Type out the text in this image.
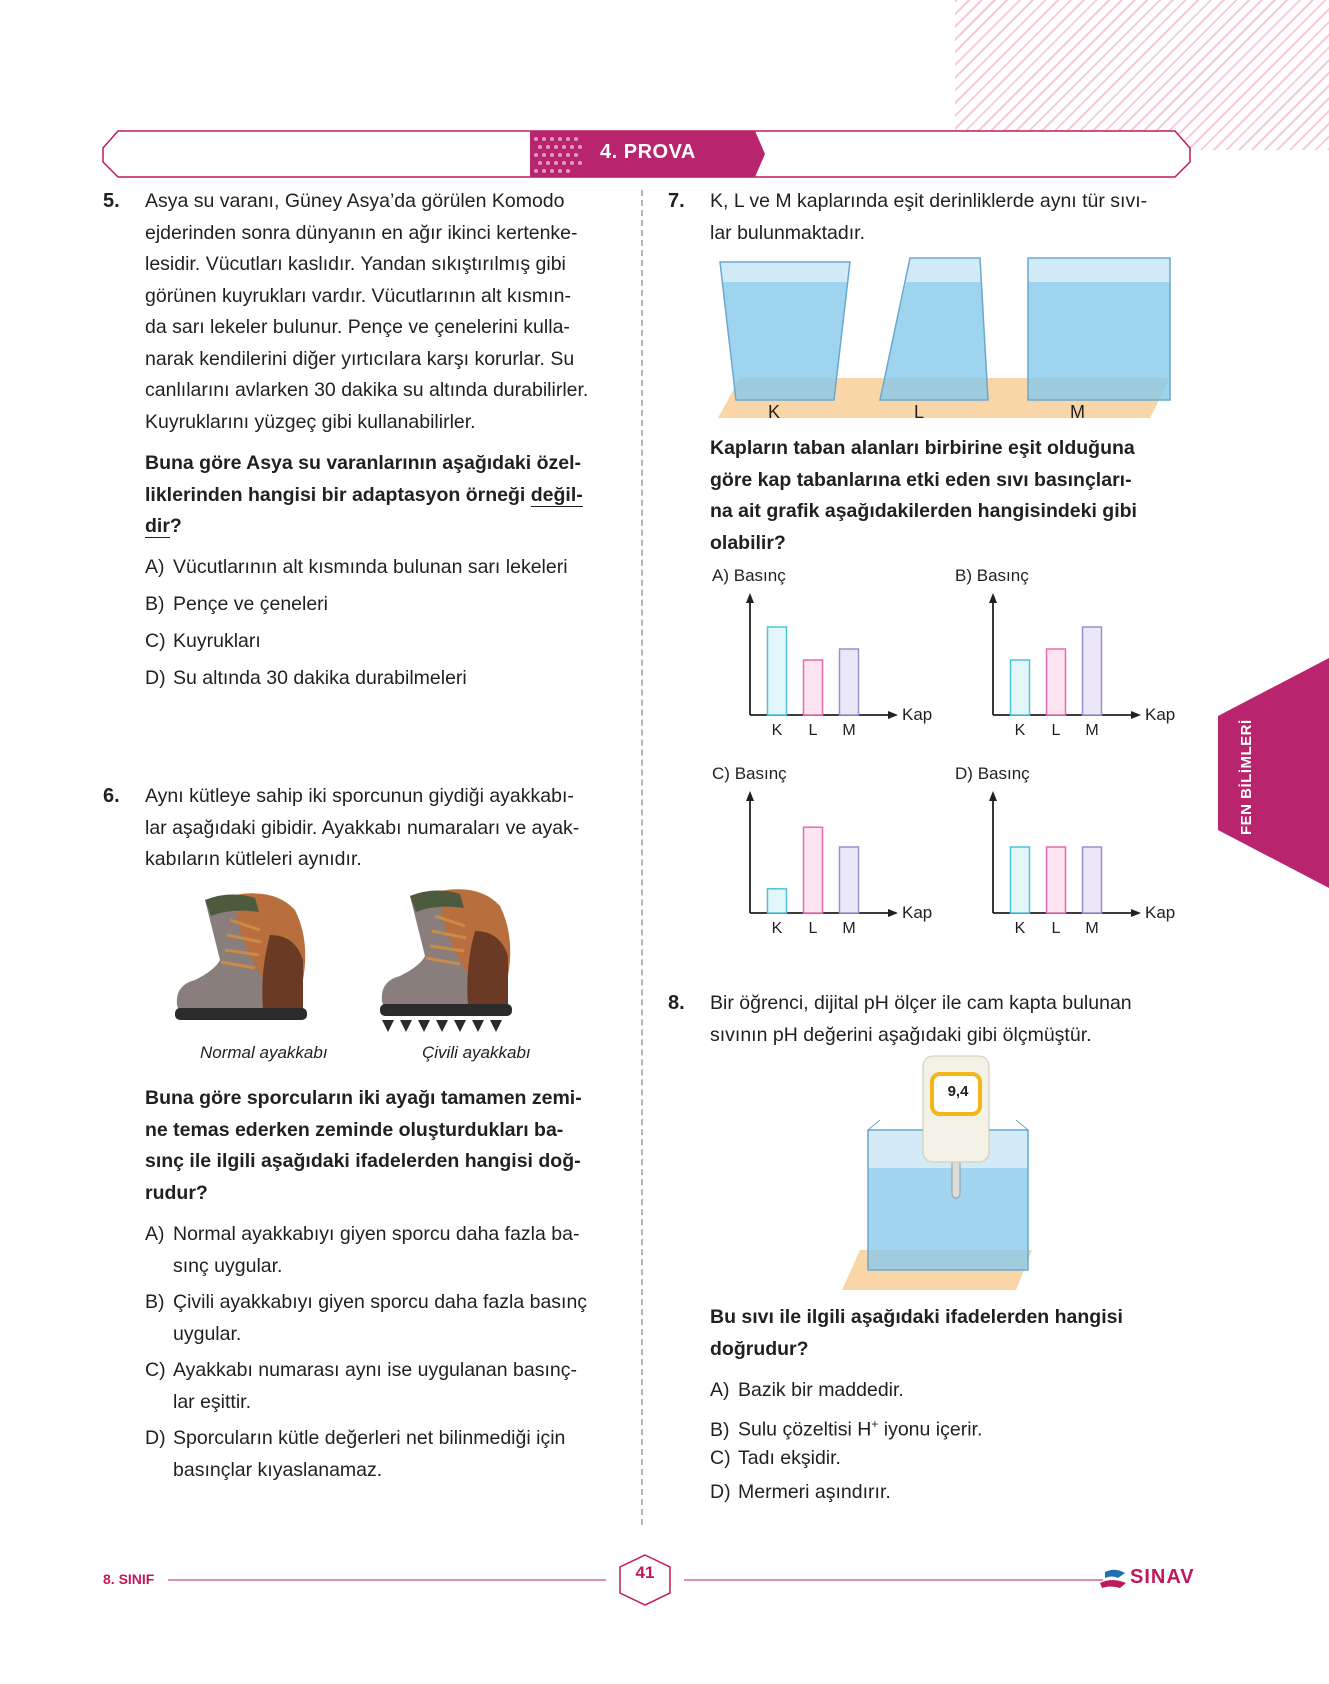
4. PROVA
FEN BİLİMLERİ
5. Asya su varanı, Güney Asya’da görülen Komodo
ejderinden sonra dünyanın en ağır ikinci kertenke-
lesidir. Vücutları kaslıdır. Yandan sıkıştırılmış gibi
görünen kuyrukları vardır. Vücutlarının alt kısmın-
da sarı lekeler bulunur. Pençe ve çenelerini kulla-
narak kendilerini diğer yırtıcılara karşı korurlar. Su
canlılarını avlarken 30 dakika su altında durabilirler.
Kuyruklarını yüzgeç gibi kullanabilirler.
Buna göre Asya su varanlarının aşağıdaki özel-
liklerinden hangisi bir adaptasyon örneği değil-
dir?
A) Vücutlarının alt kısmında bulunan sarı lekeleri
B) Pençe ve çeneleri
C) Kuyrukları
D) Su altında 30 dakika durabilmeleri
6. Aynı kütleye sahip iki sporcunun giydiği ayakkabı-
lar aşağıdaki gibidir. Ayakkabı numaraları ve ayak-
kabıların kütleleri aynıdır.
Normal ayakkabı	Çivili ayakkabı
Buna göre sporcuların iki ayağı tamamen zemi-
ne temas ederken zeminde oluşturdukları ba-
sınç ile ilgili aşağıdaki ifadelerden hangisi doğ-
rudur?
A) Normal ayakkabıyı giyen sporcu daha fazla ba-
sınç uygular.
B) Çivili ayakkabıyı giyen sporcu daha fazla basınç
uygular.
C) Ayakkabı numarası aynı ise uygulanan basınç-
lar eşittir.
D) Sporcuların kütle değerleri net bilinmediği için
basınçlar kıyaslanamaz.
7. K, L ve M kaplarında eşit derinliklerde aynı tür sıvı-
lar bulunmaktadır.
K	L	M
Kapların taban alanları birbirine eşit olduğuna
göre kap tabanlarına etki eden sıvı basınçları-
na ait grafik aşağıdakilerden hangisindeki gibi
olabilir?
A) Basınç	B) Basınç
C) Basınç	D) Basınç
K L M
Kap
K L M
Kap
K L M
Kap
K L M
Kap
8. Bir öğrenci, dijital pH ölçer ile cam kapta bulunan
sıvının pH değerini aşağıdaki gibi ölçmüştür.
9,4
Bu sıvı ile ilgili aşağıdaki ifadelerden hangisi
doğrudur?
A) Bazik bir maddedir.
B) Sulu çözeltisi H+ iyonu içerir.
C) Tadı ekşidir.
D) Mermeri aşındırır.
8. SINIF	41	SINAV
